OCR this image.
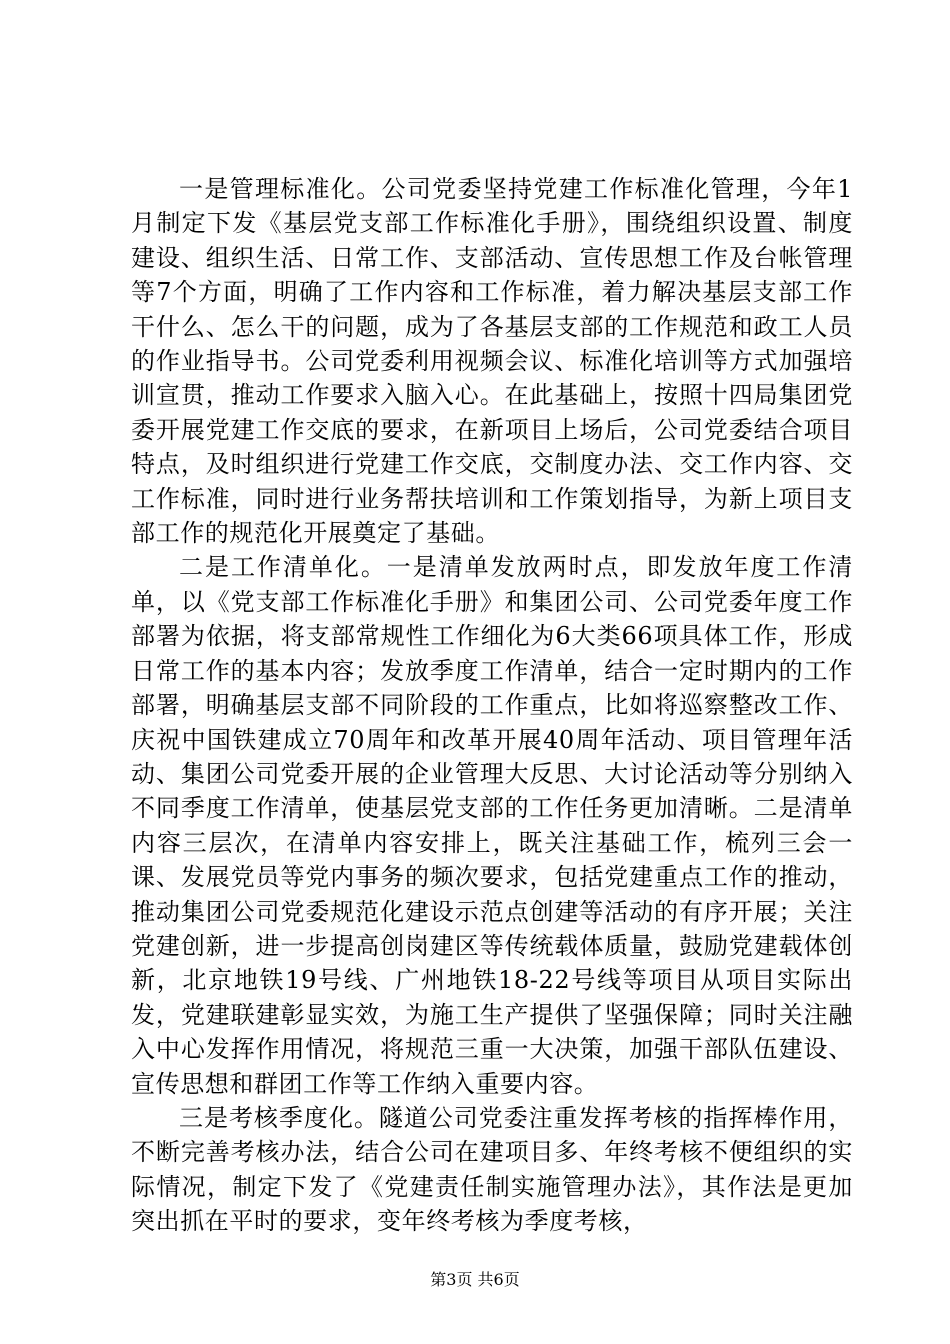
一是管理标准化。公司党委坚持党建工作标准化管理，今年1月制定下发《基层党支部工作标准化手册》，围绕组织设置、制度建设、组织生活、日常工作、支部活动、宣传思想工作及台帐管理等7个方面，明确了工作内容和工作标准，着力解决基层支部工作干什么、怎么干的问题，成为了各基层支部的工作规范和政工人员的作业指导书。公司党委利用视频会议、标准化培训等方式加强培训宣贯，推动工作要求入脑入心。在此基础上，按照十四局集团党委开展党建工作交底的要求，在新项目上场后，公司党委结合项目特点，及时组织进行党建工作交底，交制度办法、交工作内容、交工作标准，同时进行业务帮扶培训和工作策划指导，为新上项目支部工作的规范化开展奠定了基础。

二是工作清单化。一是清单发放两时点，即发放年度工作清单，以《党支部工作标准化手册》和集团公司、公司党委年度工作部署为依据，将支部常规性工作细化为6大类66项具体工作，形成日常工作的基本内容；发放季度工作清单，结合一定时期内的工作部署，明确基层支部不同阶段的工作重点，比如将巡察整改工作、庆祝中国铁建成立70周年和改革开展40周年活动、项目管理年活动、集团公司党委开展的企业管理大反思、大讨论活动等分别纳入不同季度工作清单，使基层党支部的工作任务更加清晰。二是清单内容三层次，在清单内容安排上，既关注基础工作，梳列三会一课、发展党员等党内事务的频次要求，包括党建重点工作的推动，推动集团公司党委规范化建设示范点创建等活动的有序开展；关注党建创新，进一步提高创岗建区等传统载体质量，鼓励党建载体创新，北京地铁19号线、广州地铁18-22号线等项目从项目实际出发，党建联建彰显实效，为施工生产提供了坚强保障；同时关注融入中心发挥作用情况，将规范三重一大决策，加强干部队伍建设、宣传思想和群团工作等工作纳入重要内容。

三是考核季度化。隧道公司党委注重发挥考核的指挥棒作用，不断完善考核办法，结合公司在建项目多、年终考核不便组织的实际情况，制定下发了《党建责任制实施管理办法》，其作法是更加突出抓在平时的要求，变年终考核为季度考核，

第3页 共6页
